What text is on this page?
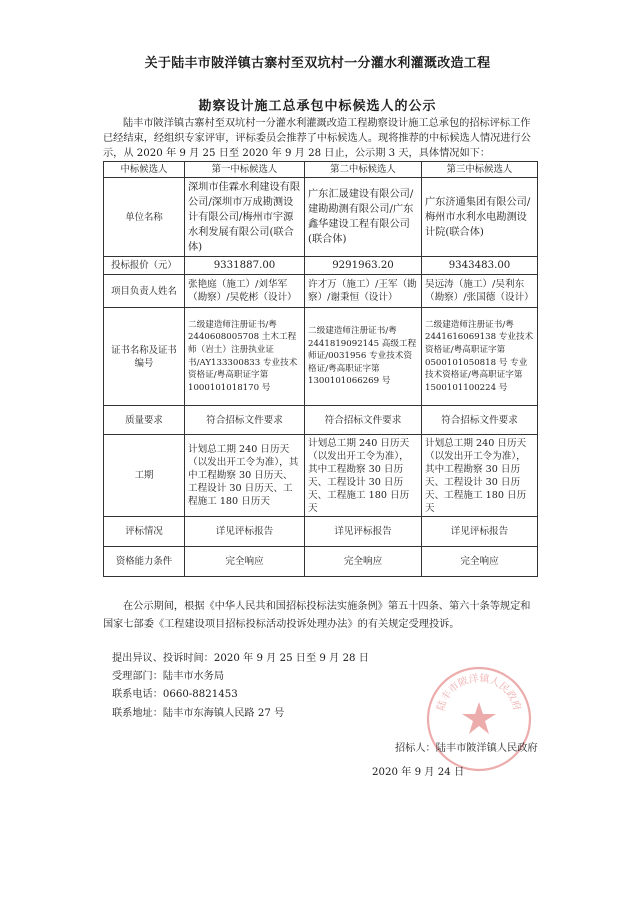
关于陆丰市陂洋镇古寨村至双坑村一分灌水利灌溉改造工程
勘察设计施工总承包中标候选人的公示
陆丰市陂洋镇古寨村至双坑村一分灌水利灌溉改造工程勘察设计施工总承包的招标评标工作已经结束，经组织专家评审，评标委员会推荐了中标候选人。现将推荐的中标候选人情况进行公示，从 2020 年 9 月 25 日至 2020 年 9 月 28 日止，公示期 3 天，具体情况如下：
中标候选人	第一中标候选人	第二中标候选人	第三中标候选人
单位名称	深圳市佳霖水利建设有限公司/深圳市万成勘测设计有限公司/梅州市宇源水利发展有限公司(联合体)	广东汇晟建设有限公司/建勘勘测有限公司/广东鑫华建设工程有限公司(联合体)	广东济通集团有限公司/梅州市水利水电勘测设计院(联合体)
投标报价（元）	9331887.00	9291963.20	9343483.00
项目负责人姓名	张艳庭（施工）/刘华军（勘察）/吴乾彬（设计）	许才万（施工）/王军（勘察）/谢秉恒（设计）	吴远涛（施工）/吴利东（勘察）/张国德（设计）
证书名称及证书编号	二级建造师注册证书/粤 2440608005708 土木工程师（岩土）注册执业证书/AY133300833 专业技术资格证/粤高职证字第 1000101018170 号	二级建造师注册证书/粤 2441819092145 高级工程师证/0031956 专业技术资格证/粤高职证字第 1300101066269 号	二级建造师注册证书/粤 2441616069138 专业技术资格证/粤高职证字第 0500101050818 号 专业技术资格证/粤高职证字第 1500101100224 号
质量要求	符合招标文件要求	符合招标文件要求	符合招标文件要求
工期	计划总工期 240 日历天（以发出开工令为准），其中工程勘察 30 日历天、工程设计 30 日历天、工程施工 180 日历天	计划总工期 240 日历天（以发出开工令为准），其中工程勘察 30 日历天、工程设计 30 日历天、工程施工 180 日历天	计划总工期 240 日历天（以发出开工令为准），其中工程勘察 30 日历天、工程设计 30 日历天、工程施工 180 日历天
评标情况	详见评标报告	详见评标报告	详见评标报告
资格能力条件	完全响应	完全响应	完全响应
在公示期间，根据《中华人民共和国招标投标法实施条例》第五十四条、第六十条等规定和国家七部委《工程建设项目招标投标活动投诉处理办法》的有关规定受理投诉。
提出异议、投诉时间：2020 年 9 月 25 日至 9 月 28 日
受理部门：陆丰市水务局
联系电话：0660-8821453
联系地址：陆丰市东海镇人民路 27 号
陆丰市陂洋镇人民政府
招标人：陆丰市陂洋镇人民政府
2020 年 9 月 24 日
